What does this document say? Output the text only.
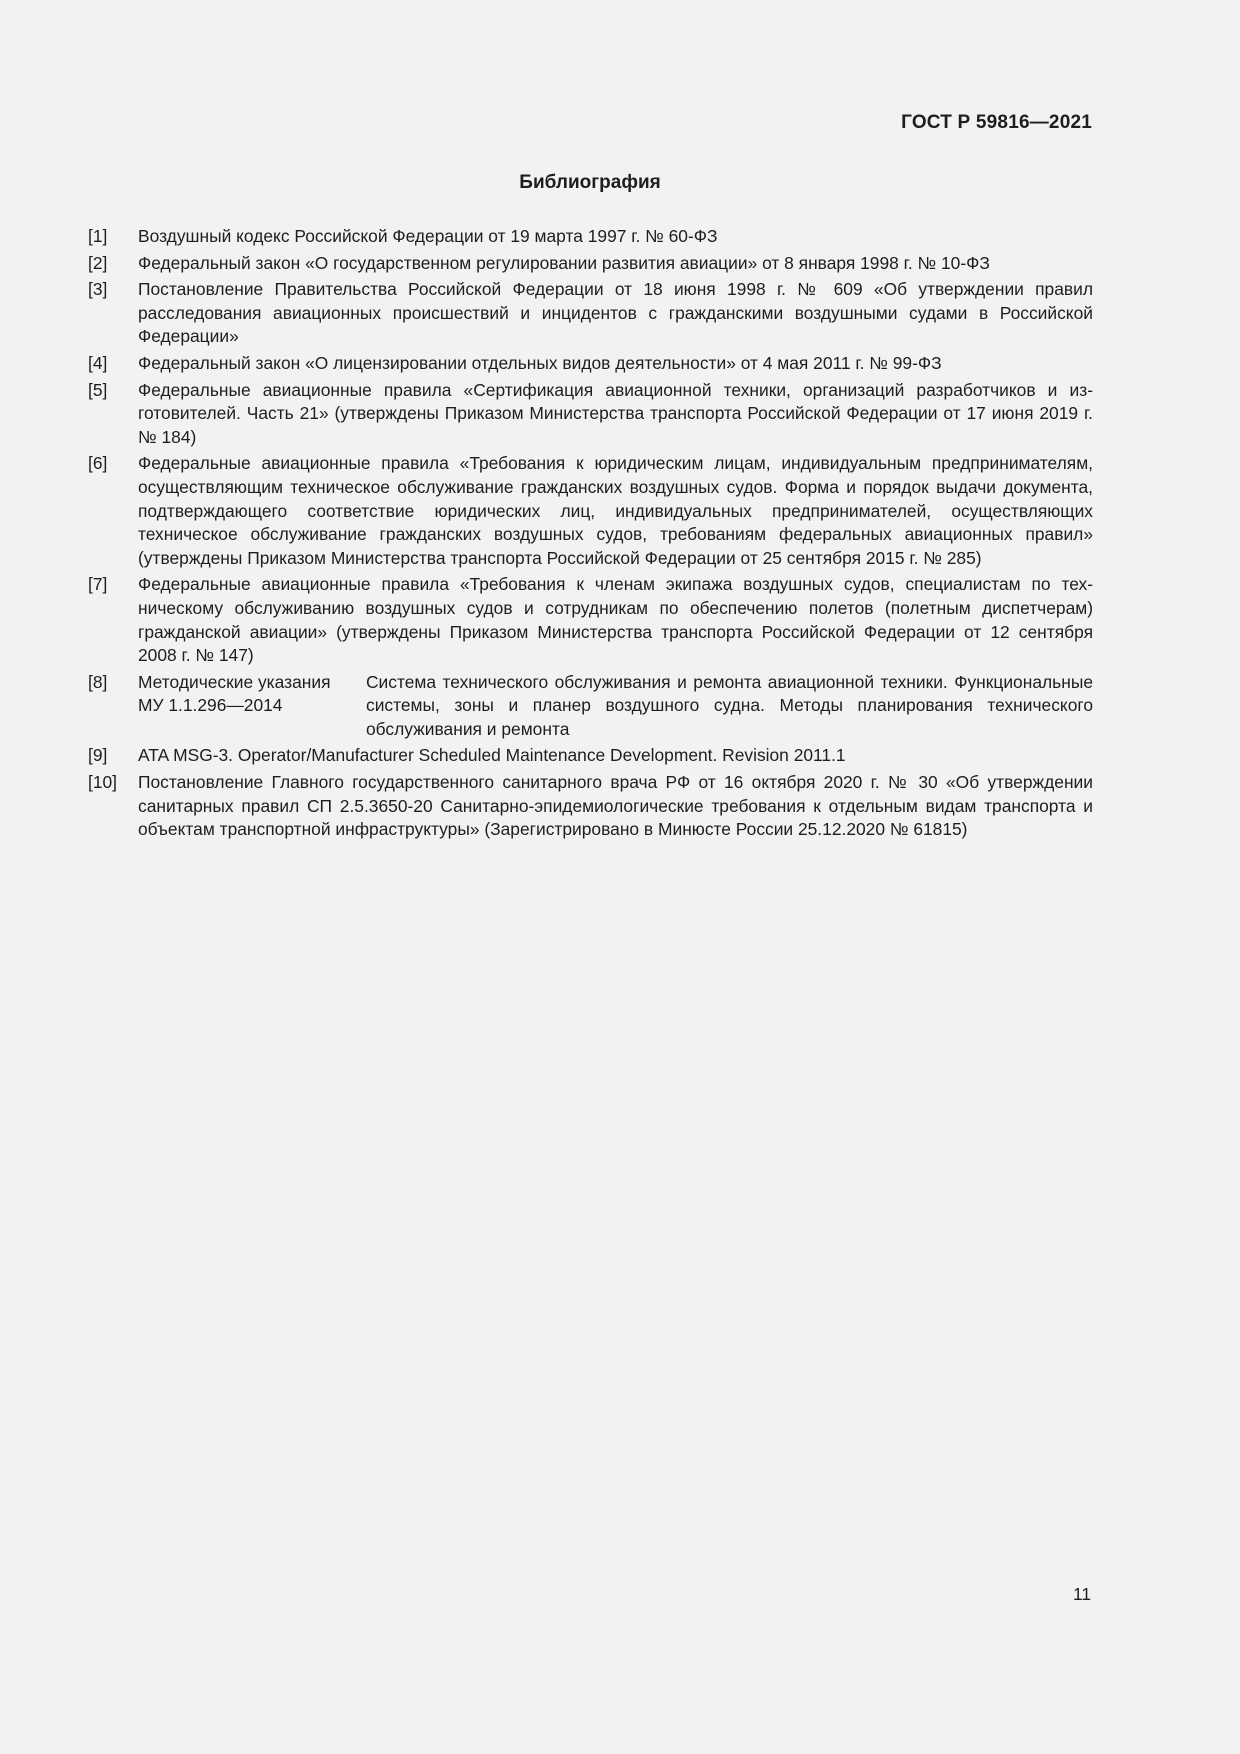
ГОСТ Р 59816—2021
Библиография
[1] Воздушный кодекс Российской Федерации от 19 марта 1997 г. № 60-ФЗ
[2] Федеральный закон «О государственном регулировании развития авиации» от 8 января 1998 г. № 10-ФЗ
[3] Постановление Правительства Российской Федерации от 18 июня 1998 г. № 609 «Об утверждении правил расследования авиационных происшествий и инцидентов с гражданскими воздушными судами в Российской Федерации»
[4] Федеральный закон «О лицензировании отдельных видов деятельности» от 4 мая 2011 г. № 99-ФЗ
[5] Федеральные авиационные правила «Сертификация авиационной техники, организаций разработчиков и изготовителей. Часть 21» (утверждены Приказом Министерства транспорта Российской Федерации от 17 июня 2019 г. № 184)
[6] Федеральные авиационные правила «Требования к юридическим лицам, индивидуальным предпринимателям, осуществляющим техническое обслуживание гражданских воздушных судов. Форма и порядок выдачи документа, подтверждающего соответствие юридических лиц, индивидуальных предпринимателей, осуществляющих техническое обслуживание гражданских воздушных судов, требованиям федеральных авиационных правил» (утверждены Приказом Министерства транспорта Российской Федерации от 25 сентября 2015 г. № 285)
[7] Федеральные авиационные правила «Требования к членам экипажа воздушных судов, специалистам по техническому обслуживанию воздушных судов и сотрудникам по обеспечению полетов (полетным диспетчерам) гражданской авиации» (утверждены Приказом Министерства транспорта Российской Федерации от 12 сентября 2008 г. № 147)
[8] Методические указания
МУ 1.1.296—2014
Система технического обслуживания и ремонта авиационной техники. Функциональные системы, зоны и планер воздушного судна. Методы планирования технического обслуживания и ремонта
[9] ATA MSG-3. Operator/Manufacturer Scheduled Maintenance Development. Revision 2011.1
[10] Постановление Главного государственного санитарного врача РФ от 16 октября 2020 г. № 30 «Об утверждении санитарных правил СП 2.5.3650-20 Санитарно-эпидемиологические требования к отдельным видам транспорта и объектам транспортной инфраструктуры» (Зарегистрировано в Минюсте России 25.12.2020 № 61815)
11
